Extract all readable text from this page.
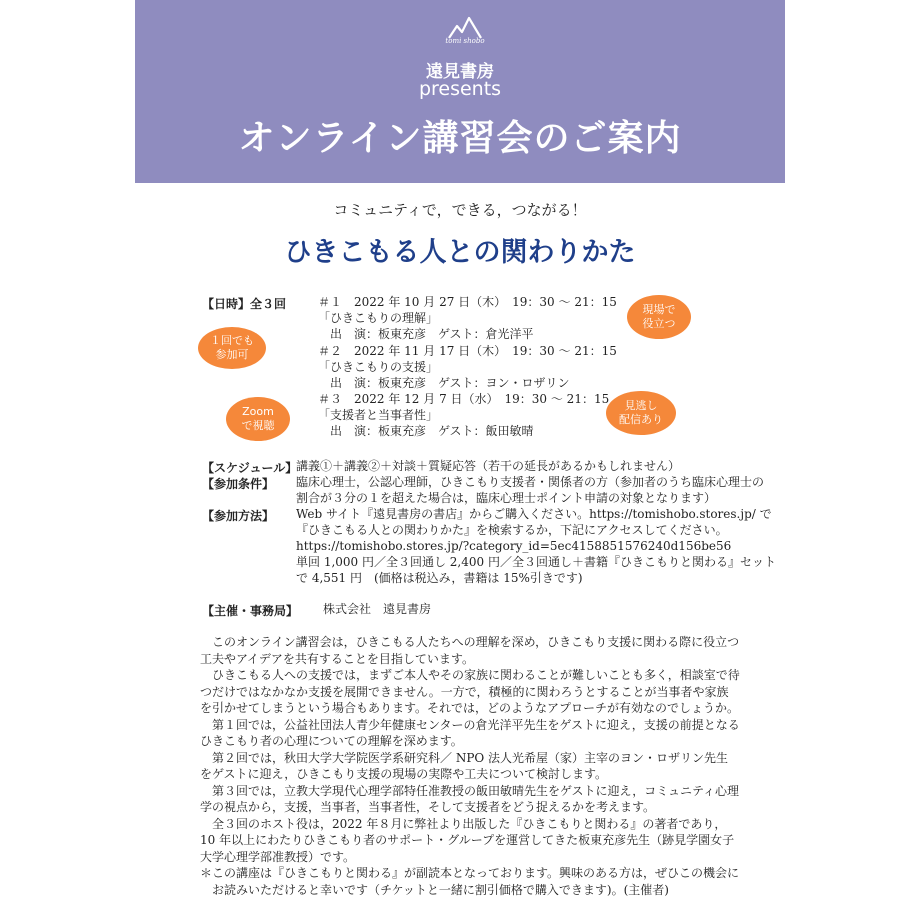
tomi shobo
遠見書房
presents
オンライン講習会のご案内
コミュニティで，できる，つながる！
ひきこもる人との関わりかた
【日時】全３回	＃１　2022 年 10 月 27 日（木）　19：30 ～ 21：15
「ひきこもりの理解」
出　演：板東充彦　ゲスト：倉光洋平
＃２　2022 年 11 月 17 日（木）　19：30 ～ 21：15
「ひきこもりの支援」
出　演：板東充彦　ゲスト：ヨン・ロザリン
＃３　2022 年 12 月 7 日（水）　19：30 ～ 21：15
「支援者と当事者性」
出　演：板東充彦　ゲスト：飯田敏晴
１回でも
参加可
Zoom
で視聴
現場で
役立つ
見逃し
配信あり
【スケジュール】
講義①＋講義②＋対談＋質疑応答（若干の延長があるかもしれません）
【参加条件】 臨床心理士，公認心理師，ひきこもり支援者・関係者の方（参加者のうち臨床心理士の
割合が３分の１を超えた場合は，臨床心理士ポイント申請の対象となります）
【参加方法】 Web サイト『遠見書房の書店』からご購入ください。https://tomishobo.stores.jp/ で
『ひきこもる人との関わりかた』を検索するか，下記にアクセスしてください。
https://tomishobo.stores.jp/?category_id=5ec4158851576240d156be56
単回 1,000 円／全３回通し 2,400 円／全３回通し＋書籍『ひきこもりと関わる』セット
で 4,551 円　(価格は税込み，書籍は 15%引きです)
【主催・事務局】 株式会社　遠見書房

このオンライン講習会は，ひきこもる人たちへの理解を深め，ひきこもり支援に関わる際に役立つ工夫やアイデアを共有することを目指しています。

ひきこもる人への支援では，まずご本人やその家族に関わることが難しいことも多く，相談室で待つだけではなかなか支援を展開できません。一方で，積極的に関わろうとすることが当事者や家族を引かせてしまうという場合もあります。それでは，どのようなアプローチが有効なのでしょうか。

第１回では，公益社団法人青少年健康センターの倉光洋平先生をゲストに迎え，支援の前提となるひきこもり者の心理についての理解を深めます。

第２回では，秋田大学大学院医学系研究科／ NPO 法人光希屋（家）主宰のヨン・ロザリン先生をゲストに迎え，ひきこもり支援の現場の実際や工夫について検討します。

第３回では，立教大学現代心理学部特任准教授の飯田敏晴先生をゲストに迎え，コミュニティ心理学の視点から，支援，当事者，当事者性，そして支援者をどう捉えるかを考えます。

全３回のホスト役は，2022 年８月に弊社より出版した『ひきこもりと関わる』の著者であり，10 年以上にわたりひきこもり者のサポート・グループを運営してきた板東充彦先生（跡見学園女子大学心理学部准教授）です。

＊この講座は『ひきこもりと関わる』が副読本となっております。興味のある方は，ぜひこの機会にお読みいただけると幸いです（チケットと一緒に割引価格で購入できます)。(主催者)
